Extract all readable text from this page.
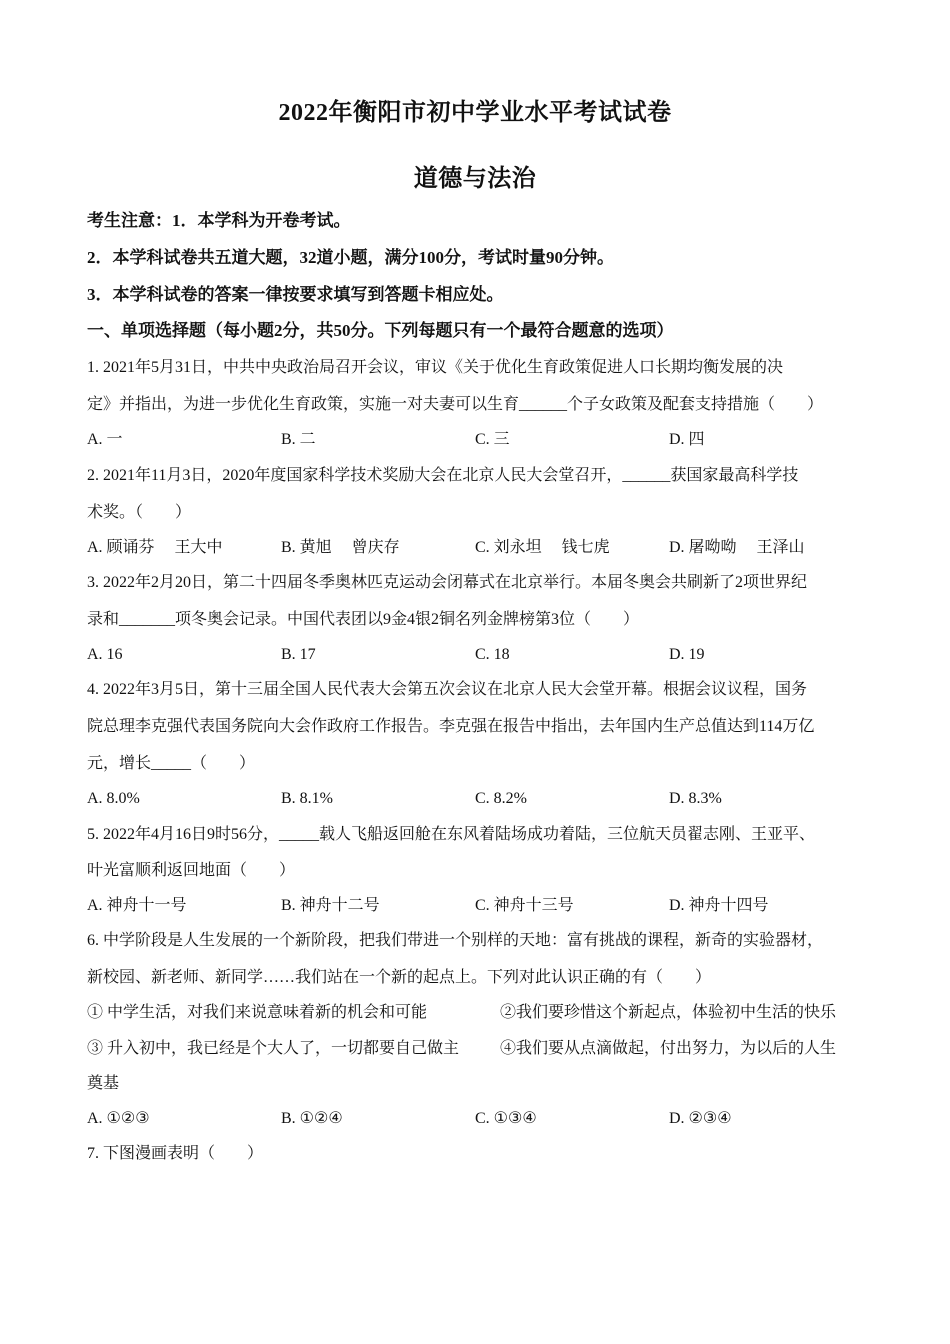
2022年衡阳市初中学业水平考试试卷
道德与法治
考生注意：1．本学科为开卷考试。
2．本学科试卷共五道大题，32道小题，满分100分，考试时量90分钟。
3．本学科试卷的答案一律按要求填写到答题卡相应处。
一、单项选择题（每小题2分，共50分。下列每题只有一个最符合题意的选项）
1. 2021年5月31日，中共中央政治局召开会议，审议《关于优化生育政策促进人口长期均衡发展的决
定》并指出，为进一步优化生育政策，实施一对夫妻可以生育______个子女政策及配套支持措施（　　）
A. 一	B. 二	C. 三	D. 四
2. 2021年11月3日，2020年度国家科学技术奖励大会在北京人民大会堂召开，______获国家最高科学技
术奖。（　　）
A. 顾诵芬　 王大中	B. 黄旭　 曾庆存	C. 刘永坦　 钱七虎	D. 屠呦呦　 王泽山
3. 2022年2月20日，第二十四届冬季奥林匹克运动会闭幕式在北京举行。本届冬奥会共刷新了2项世界纪
录和_______项冬奥会记录。中国代表团以9金4银2铜名列金牌榜第3位（　　）
A. 16	B. 17	C. 18	D. 19
4. 2022年3月5日，第十三届全国人民代表大会第五次会议在北京人民大会堂开幕。根据会议议程，国务
院总理李克强代表国务院向大会作政府工作报告。李克强在报告中指出，去年国内生产总值达到114万亿
元，增长_____（　　）
A. 8.0%	B. 8.1%	C. 8.2%	D. 8.3%
5. 2022年4月16日9时56分，_____载人飞船返回舱在东风着陆场成功着陆，三位航天员翟志刚、王亚平、
叶光富顺利返回地面（　　）
A. 神舟十一号	B. 神舟十二号	C. 神舟十三号	D. 神舟十四号
6. 中学阶段是人生发展的一个新阶段，把我们带进一个别样的天地：富有挑战的课程，新奇的实验器材，
新校园、新老师、新同学……我们站在一个新的起点上。下列对此认识正确的有（　　）
① 中学生活，对我们来说意味着新的机会和可能	②我们要珍惜这个新起点，体验初中生活的快乐
③ 升入初中，我已经是个大人了，一切都要自己做主	④我们要从点滴做起，付出努力，为以后的人生
奠基
A. ①②③	B. ①②④	C. ①③④	D. ②③④
7. 下图漫画表明（　　）
